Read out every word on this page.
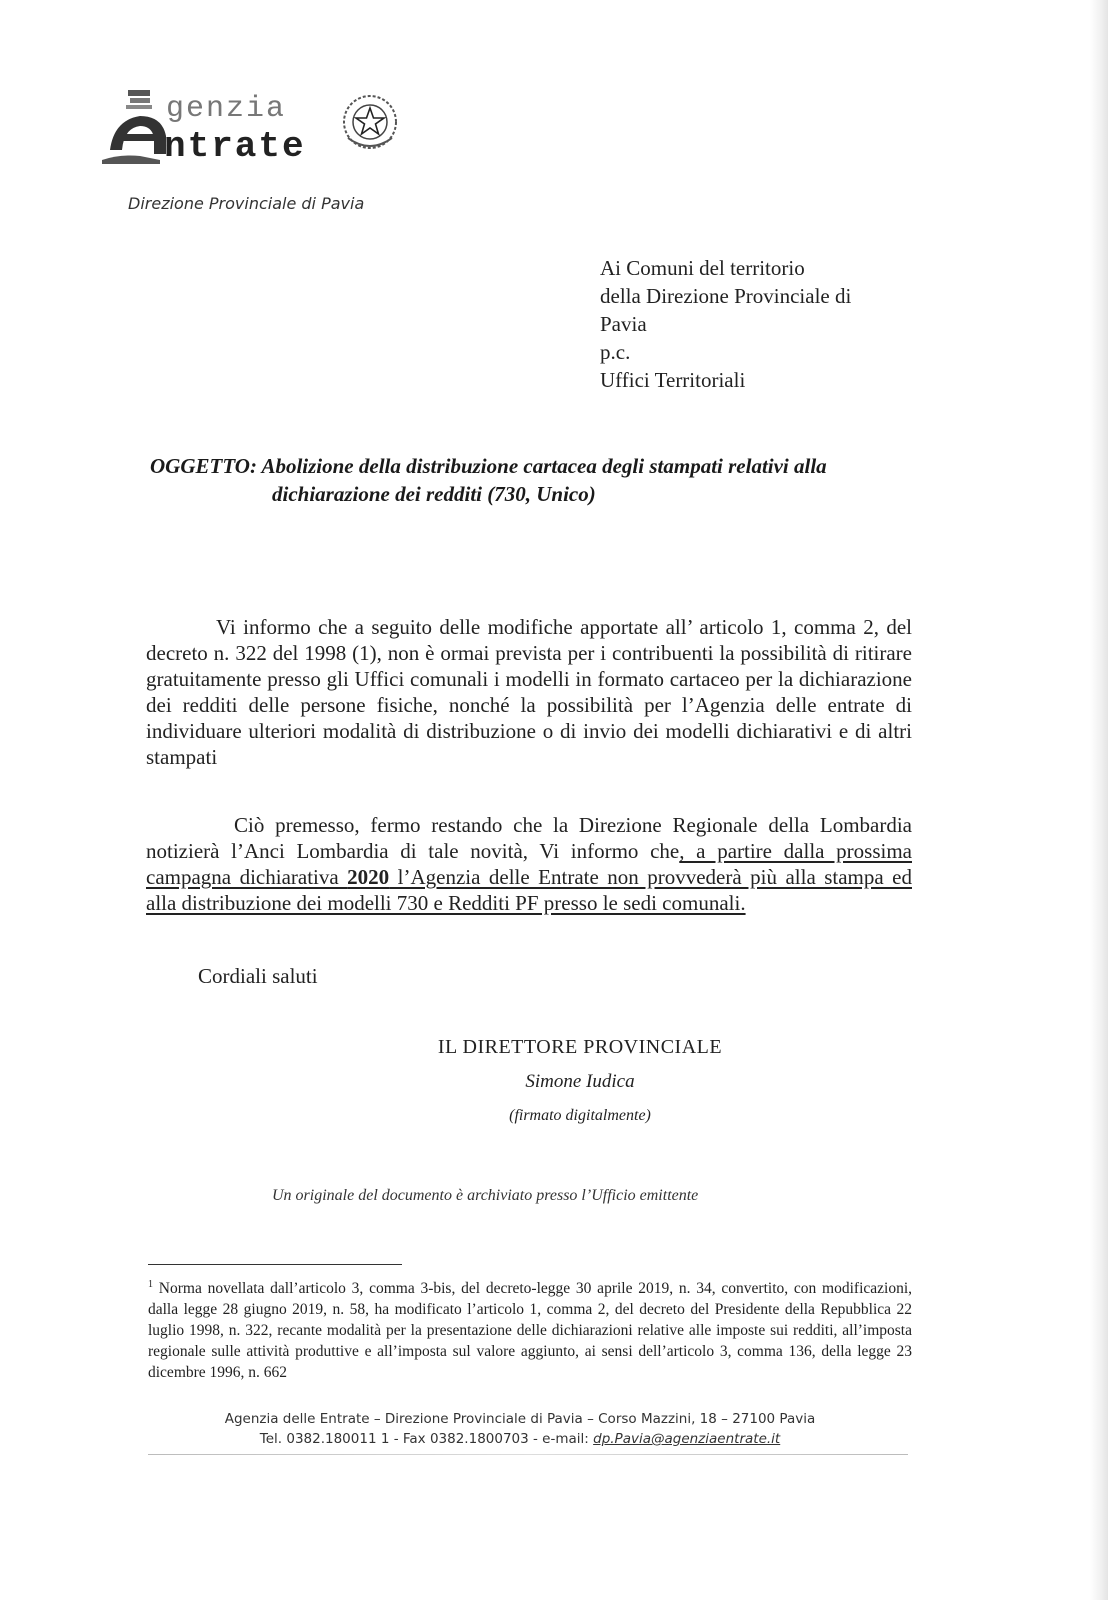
genzia
ntrate
Direzione Provinciale di Pavia
Ai Comuni del territorio
della Direzione Provinciale di
Pavia
p.c.
Uffici Territoriali
OGGETTO: Abolizione della distribuzione cartacea degli stampati relativi alla
dichiarazione dei redditi (730, Unico)
Vi informo che a seguito delle modifiche apportate all’ articolo 1, comma 2, del decreto n. 322 del 1998 (1), non è ormai prevista per i contribuenti la possibilità di ritirare gratuitamente presso gli Uffici comunali i modelli in formato cartaceo per la dichiarazione dei redditi delle persone fisiche, nonché la possibilità per l’Agenzia delle entrate di individuare ulteriori modalità di distribuzione o di invio dei modelli dichiarativi e di altri stampati
Ciò premesso, fermo restando che la Direzione Regionale della Lombardia notizierà l’Anci Lombardia di tale novità, Vi informo che, a partire dalla prossima campagna dichiarativa 2020 l’Agenzia delle Entrate non provvederà più alla stampa ed alla distribuzione dei modelli 730 e Redditi PF presso le sedi comunali.
Cordiali saluti
IL DIRETTORE PROVINCIALE
Simone Iudica
(firmato digitalmente)
Un originale del documento è archiviato presso l’Ufficio emittente
$^1$ Norma novellata dall’articolo 3, comma 3-bis, del decreto-legge 30 aprile 2019, n. 34, convertito, con modificazioni, dalla legge 28 giugno 2019, n. 58, ha modificato l’articolo 1, comma 2, del decreto del Presidente della Repubblica 22 luglio 1998, n. 322, recante modalità per la presentazione delle dichiarazioni relative alle imposte sui redditi, all’imposta regionale sulle attività produttive e all’imposta sul valore aggiunto, ai sensi dell’articolo 3, comma 136, della legge 23 dicembre 1996, n. 662
Agenzia delle Entrate – Direzione Provinciale di Pavia – Corso Mazzini, 18 – 27100 Pavia
Tel. 0382.180011 1 - Fax 0382.1800703 - e-mail: dp.Pavia@agenziaentrate.it
